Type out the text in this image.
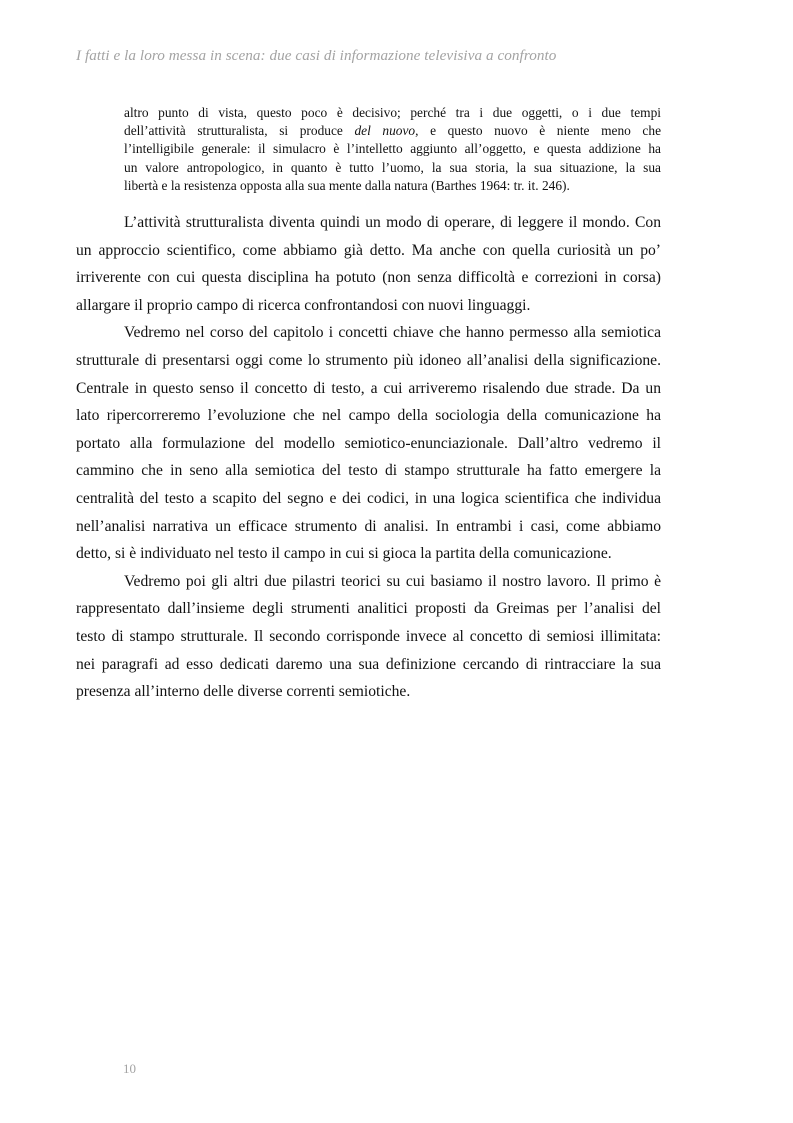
I fatti e la loro messa in scena: due casi di informazione televisiva a confronto
altro punto di vista, questo poco è decisivo; perché tra i due oggetti, o i due tempi
dell’attività strutturalista, si produce del nuovo, e questo nuovo è niente meno che
l’intelligibile generale: il simulacro è l’intelletto aggiunto all’oggetto, e questa addizione ha
un valore antropologico, in quanto è tutto l’uomo, la sua storia, la sua situazione, la sua
libertà e la resistenza opposta alla sua mente dalla natura (Barthes 1964: tr. it. 246).
L’attività strutturalista diventa quindi un modo di operare, di leggere il mondo. Con
un approccio scientifico, come abbiamo già detto. Ma anche con quella curiosità un po’
irriverente con cui questa disciplina ha potuto (non senza difficoltà e correzioni in corsa)
allargare il proprio campo di ricerca confrontandosi con nuovi linguaggi.
Vedremo nel corso del capitolo i concetti chiave che hanno permesso alla semiotica
strutturale di presentarsi oggi come lo strumento più idoneo all’analisi della significazione.
Centrale in questo senso il concetto di testo, a cui arriveremo risalendo due strade. Da un
lato ripercorreremo l’evoluzione che nel campo della sociologia della comunicazione ha
portato alla formulazione del modello semiotico-enunciazionale. Dall’altro vedremo il
cammino che in seno alla semiotica del testo di stampo strutturale ha fatto emergere la
centralità del testo a scapito del segno e dei codici, in una logica scientifica che individua
nell’analisi narrativa un efficace strumento di analisi. In entrambi i casi, come abbiamo
detto, si è individuato nel testo il campo in cui si gioca la partita della comunicazione.
Vedremo poi gli altri due pilastri teorici su cui basiamo il nostro lavoro. Il primo è
rappresentato dall’insieme degli strumenti analitici proposti da Greimas per l’analisi del
testo di stampo strutturale. Il secondo corrisponde invece al concetto di semiosi illimitata:
nei paragrafi ad esso dedicati daremo una sua definizione cercando di rintracciare la sua
presenza all’interno delle diverse correnti semiotiche.
10
